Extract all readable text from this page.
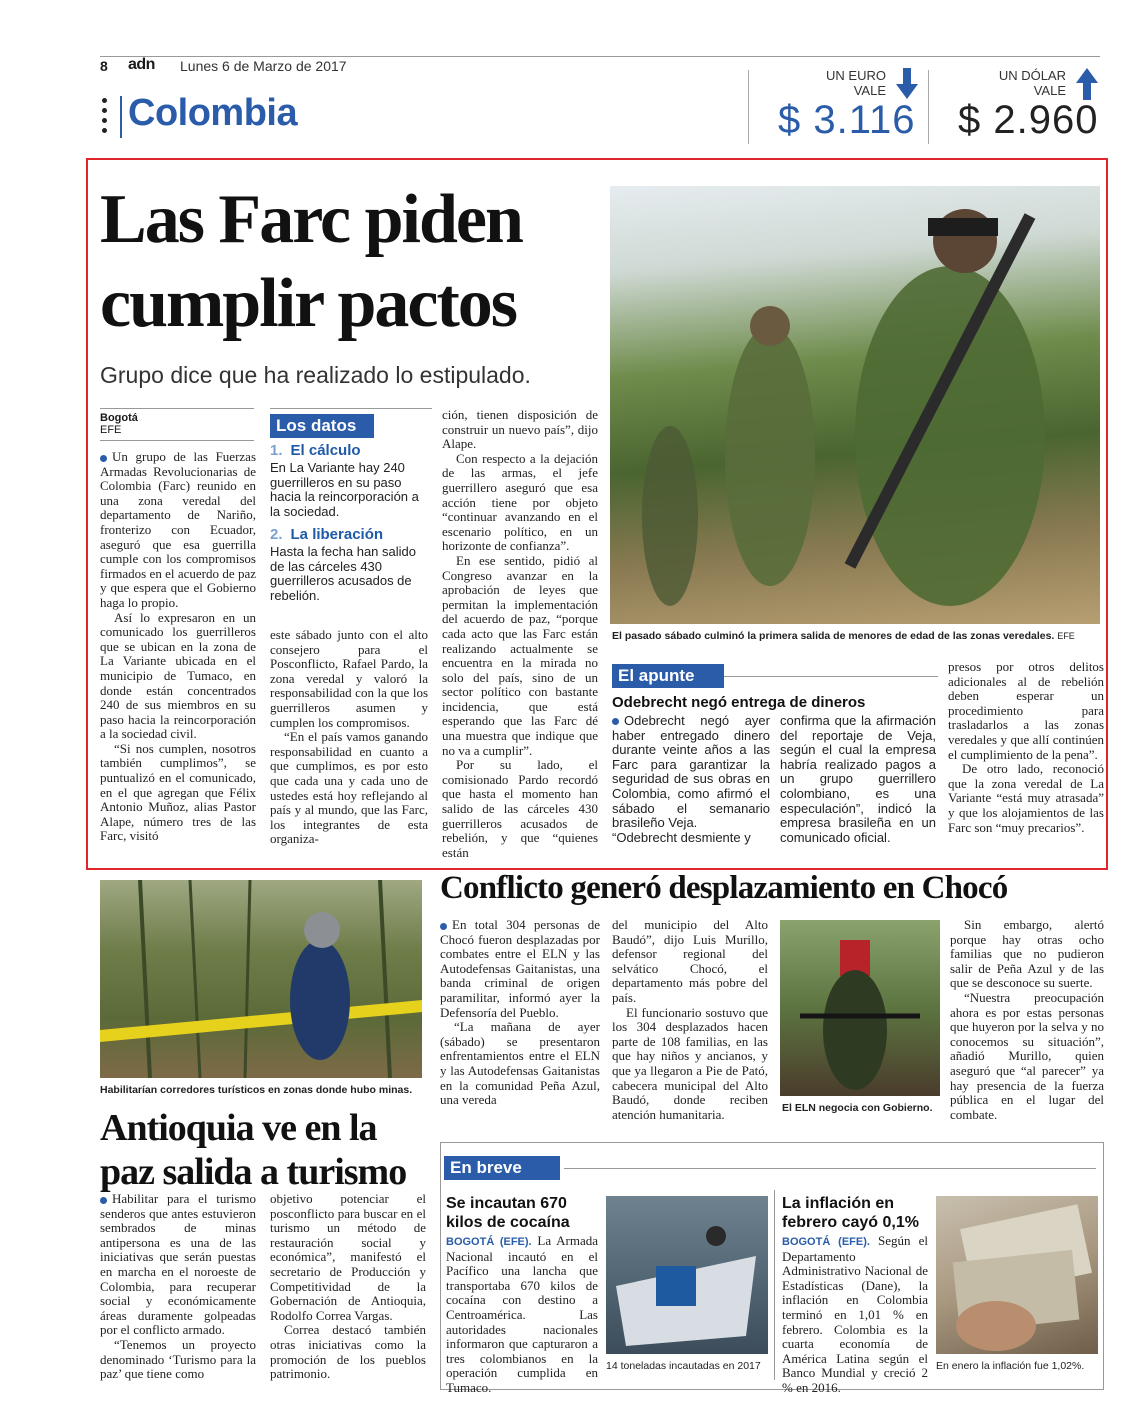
8 adn Lunes 6 de Marzo de 2017
Colombia
UN EURO
VALE
$ 3.116
UN DÓLAR
VALE
$ 2.960
Las Farc piden
cumplir pactos
Grupo dice que ha realizado lo estipulado.
Bogotá
EFE

Un grupo de las Fuerzas Armadas Revolucionarias de Colombia (Farc) reunido en una zona veredal del departamento de Nariño, fronterizo con Ecuador, aseguró que esa guerrilla cumple con los compromisos firmados en el acuerdo de paz y que espera que el Gobierno haga lo propio.

Así lo expresaron en un comunicado los guerrilleros que se ubican en la zona de La Variante ubicada en el municipio de Tumaco, en donde están concentrados 240 de sus miembros en su paso hacia la reincorporación a la sociedad civil.

“Si nos cumplen, nosotros también cumplimos”, se puntualizó en el comunicado, en el que agregan que Félix Antonio Muñoz, alias Pastor Alape, número tres de las Farc, visitó

Los datos
1. El cálculo
En La Variante hay 240 guerrilleros en su paso hacia la reincorporación a la sociedad.
2. La liberación
Hasta la fecha han salido de las cárceles 430 guerrilleros acusados de rebelión.

este sábado junto con el alto consejero para el Posconflicto, Rafael Pardo, la zona veredal y valoró la responsabilidad con la que los guerrilleros asumen y cumplen los compromisos.

“En el país vamos ganando responsabilidad en cuanto a que cumplimos, es por esto que cada una y cada uno de ustedes está hoy reflejando al país y al mundo, que las Farc, los integrantes de esta organiza-

ción, tienen disposición de construir un nuevo país”, dijo Alape.

Con respecto a la dejación de las armas, el jefe guerrillero aseguró que esa acción tiene por objeto “continuar avanzando en el escenario político, en un horizonte de confianza”.

En ese sentido, pidió al Congreso avanzar en la aprobación de leyes que permitan la implementación del acuerdo de paz, “porque cada acto que las Farc están realizando actualmente se encuentra en la mirada no solo del país, sino de un sector político con bastante incidencia, que está esperando que las Farc dé una muestra que indique que no va a cumplir”.

Por su lado, el comisionado Pardo recordó que hasta el momento han salido de las cárceles 430 guerrilleros acusados de rebelión, y que “quienes están

El pasado sábado culminó la primera salida de menores de edad de las zonas veredales. EFE
El apunte
Odebrecht negó entrega de dineros
Odebrecht negó ayer haber entregado dinero durante veinte años a las Farc para garantizar la seguridad de sus obras en Colombia, como afirmó el sábado el semanario brasileño Veja.
“Odebrecht desmiente y
confirma que la afirmación del reportaje de Veja, según el cual la empresa habría realizado pagos a un grupo guerrillero colombiano, es una especulación”, indicó la empresa brasileña en un comunicado oficial.

presos por otros delitos adicionales al de rebelión deben esperar un procedimiento para trasladarlos a las zonas veredales y que allí continúen el cumplimiento de la pena”.

De otro lado, reconoció que la zona veredal de La Variante “está muy atrasada” y que los alojamientos de las Farc son “muy precarios”.

Habilitarían corredores turísticos en zonas donde hubo minas.
Antioquia ve en la
paz salida a turismo

Habilitar para el turismo senderos que antes estuvieron sembrados de minas antipersona es una de las iniciativas que serán puestas en marcha en el noroeste de Colombia, para recuperar social y económicamente áreas duramente golpeadas por el conflicto armado.

“Tenemos un proyecto denominado ‘Turismo para la paz’ que tiene como

objetivo potenciar el posconflicto para buscar en el turismo un método de restauración social y económica”, manifestó el secretario de Producción y Competitividad de la Gobernación de Antioquia, Rodolfo Correa Vargas.

Correa destacó también otras iniciativas como la promoción de los pueblos patrimonio.

Conflicto generó desplazamiento en Chocó

En total 304 personas de Chocó fueron desplazadas por combates entre el ELN y las Autodefensas Gaitanistas, una banda criminal de origen paramilitar, informó ayer la Defensoría del Pueblo.

“La mañana de ayer (sábado) se presentaron enfrentamientos entre el ELN y las Autodefensas Gaitanistas en la comunidad Peña Azul, una vereda

del municipio del Alto Baudó”, dijo Luis Murillo, defensor regional del selvático Chocó, el departamento más pobre del país.

El funcionario sostuvo que los 304 desplazados hacen parte de 108 familias, en las que hay niños y ancianos, y que ya llegaron a Pie de Pató, cabecera municipal del Alto Baudó, donde reciben atención humanitaria.	El ELN negocia con Gobierno.

Sin embargo, alertó porque hay otras ocho familias que no pudieron salir de Peña Azul y de las que se desconoce su suerte.

“Nuestra preocupación ahora es por estas personas que huyeron por la selva y no conocemos su situación”, añadió Murillo, quien aseguró que “al parecer” ya hay presencia de la fuerza pública en el lugar del combate.

En breve
Se incautan 670 kilos de cocaína
BOGOTÁ (EFE). La Armada Nacional incautó en el Pacífico una lancha que transportaba 670 kilos de cocaína con destino a Centroamérica. Las autoridades nacionales informaron que capturaron a tres colombianos en la operación cumplida en Tumaco.
14 toneladas incautadas en 2017
La inflación en febrero cayó 0,1%
BOGOTÁ (EFE). Según el Departamento Administrativo Nacional de Estadísticas (Dane), la inflación en Colombia terminó en 1,01 % en febrero. Colombia es la cuarta economía de América Latina según el Banco Mundial y creció 2 % en 2016.
En enero la inflación fue 1,02%.
